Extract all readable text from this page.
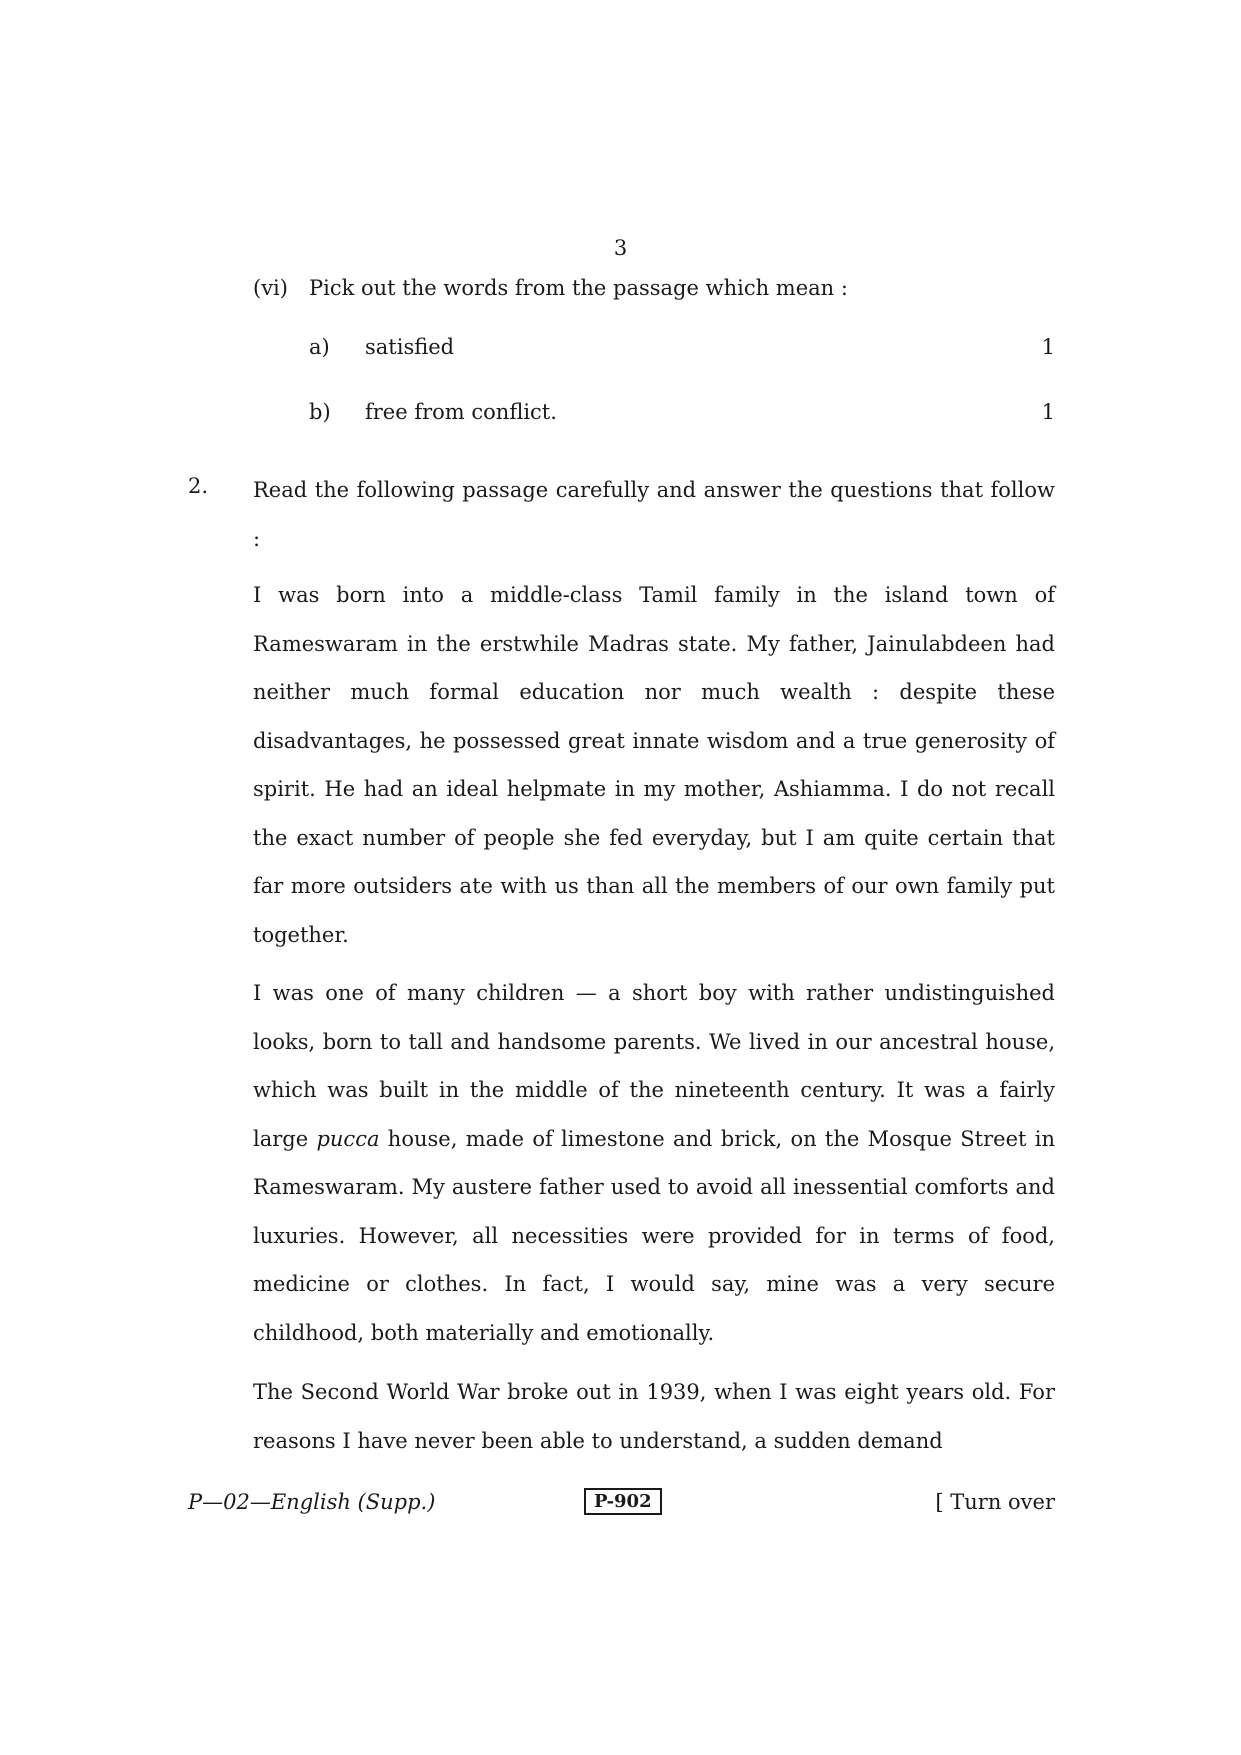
3
(vi) Pick out the words from the passage which mean :
a) satisfied	1
b) free from conflict.	1
2. Read the following passage carefully and answer the questions that follow :

I was born into a middle-class Tamil family in the island town of Rameswaram in the erstwhile Madras state. My father, Jainulabdeen had neither much formal education nor much wealth : despite these disadvantages, he possessed great innate wisdom and a true generosity of spirit. He had an ideal helpmate in my mother, Ashiamma. I do not recall the exact number of people she fed everyday, but I am quite certain that far more outsiders ate with us than all the members of our own family put together.

I was one of many children — a short boy with rather undistinguished looks, born to tall and handsome parents. We lived in our ancestral house, which was built in the middle of the nineteenth century. It was a fairly large pucca house, made of limestone and brick, on the Mosque Street in Rameswaram. My austere father used to avoid all inessential comforts and luxuries. However, all necessities were provided for in terms of food, medicine or clothes. In fact, I would say, mine was a very secure childhood, both materially and emotionally.

The Second World War broke out in 1939, when I was eight years old. For reasons I have never been able to understand, a sudden demand

P—02—English (Supp.)	P-902	[ Turn over
